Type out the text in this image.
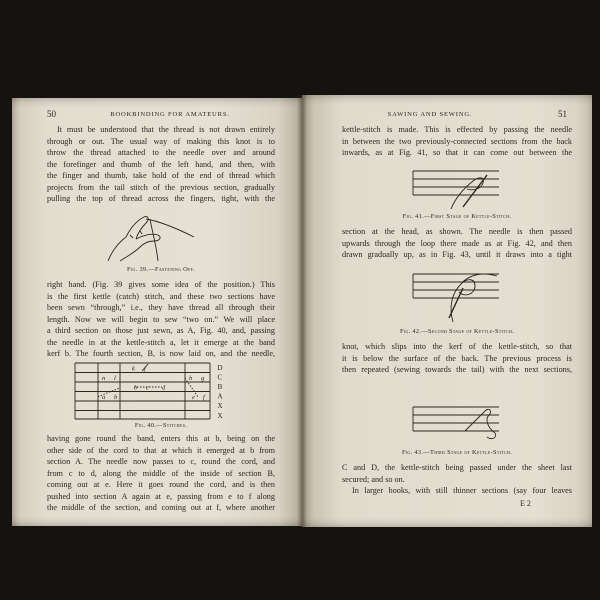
50	BOOKBINDING FOR AMATEURS.
It must be understood that the thread is not drawn entirely
through or out. The usual way of making this knot is to
throw the thread attached to the needle over and around
the forefinger and thumb of the left hand, and then, with
the finger and thumb, take hold of the end of thread which
projects from the tail stitch of the previous section, gradually
pulling the top of thread across the fingers, tight, with the
Fig. 39.—Fastening Off.
right hand. (Fig. 39 gives some idea of the position.) This
is the first kettle (catch) stitch, and these two sections have
been sewn “through,” i.e., they have thread all through their
length. Now we will begin to sew “two on.” We will place
a third section on those just sewn, as A, Fig. 40, and, passing
the needle in at the kettle-stitch a, let it emerge at the band
kerf b. The fourth section, B, is now laid on, and the needle,
D
C
B
A
X
X
k j
n l	h g
b c d
a b	e f
Fig. 40.—Stitches.
having gone round the band, enters this at b, being on the
other side of the cord to that at which it emerged at b from
section A. The needle now passes to c, round the cord, and
from c to d, along the middle of the inside of section B,
coming out at e. Here it goes round the cord, and is then
pushed into section A again at e, passing from e to f along
the middle of the section, and coming out at f, where another
51
SAWING AND SEWING.
kettle-stitch is made. This is effected by passing the needle
in between the two previously-connected sections from the back
inwards, as at Fig. 41, so that it can come out between the
Fig. 41.—First Stage of Kettle-Stitch.
section at the head, as shown. The needle is then passed
upwards through the loop there made as at Fig. 42, and then
drawn gradually up, as in Fig. 43, until it draws into a tight
Fig. 42.—Second Stage of Kettle-Stitch.
knot, which slips into the kerf of the kettle-stitch, so that
it is below the surface of the back. The previous process is
then repeated (sewing towards the tail) with the next sections,
Fig. 43.—Third Stage of Kettle-Stitch.
C and D, the kettle-stitch being passed under the sheet last
secured; and so on.
In larger books, with still thinner sections (say four leaves
E 2
